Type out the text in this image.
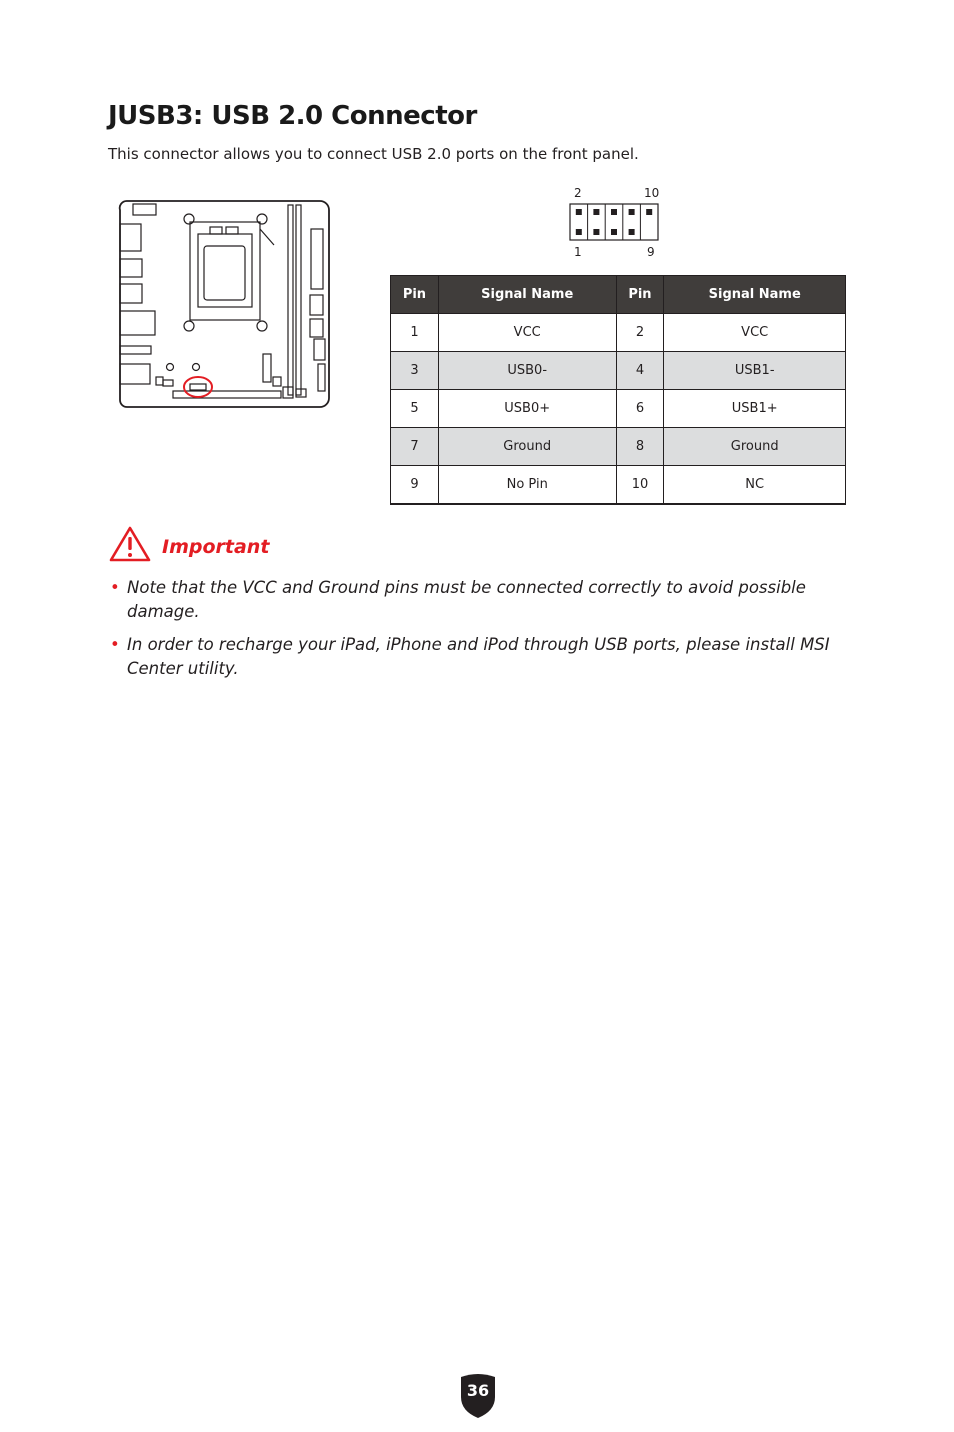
JUSB3: USB 2.0 Connector
This connector allows you to connect USB 2.0 ports on the front panel.
2	10
1	9
Pin	Signal Name	Pin	Signal Name
1	VCC	2	VCC
3	USB0-	4	USB1-
5	USB0+	6	USB1+
7	Ground	8	Ground
9	No Pin	10	NC
Important
• Note that the VCC and Ground pins must be connected correctly to avoid possible damage.
• In order to recharge your iPad, iPhone and iPod through USB ports, please install MSI Center utility.
36
